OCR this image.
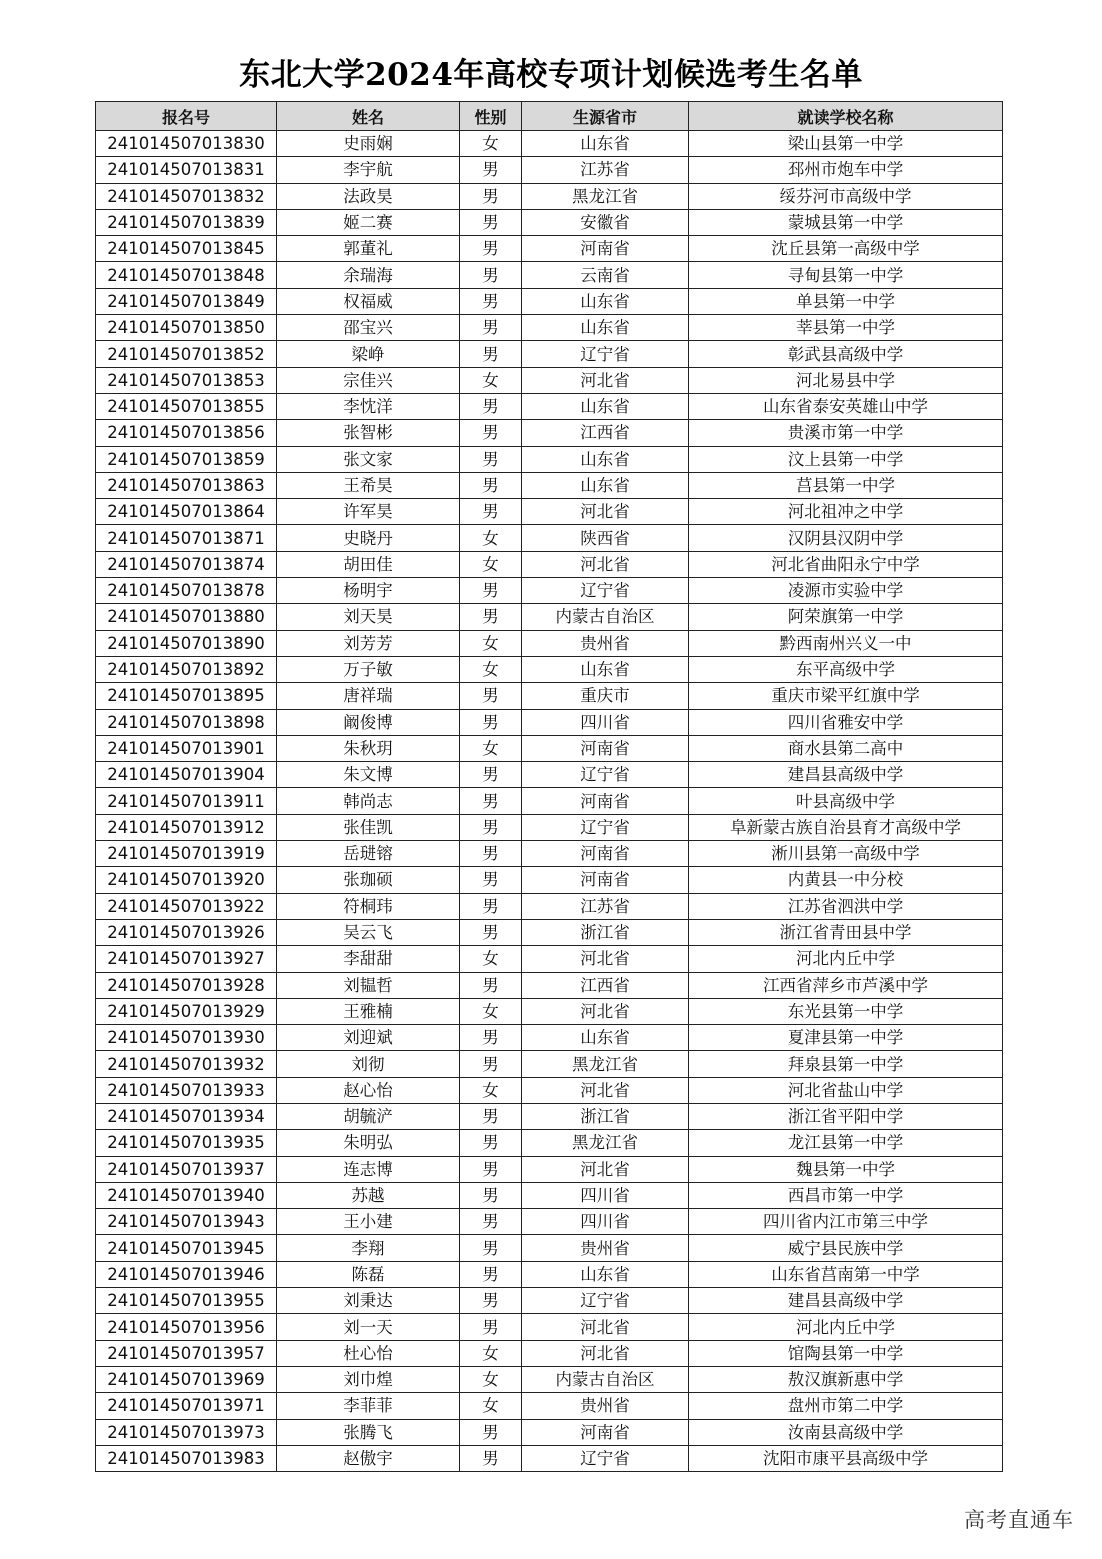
东北大学2024年高校专项计划候选考生名单
报名号	姓名	性别	生源省市	就读学校名称
241014507013830	史雨娴	女	山东省	梁山县第一中学
241014507013831	李宇航	男	江苏省	邳州市炮车中学
241014507013832	法政昊	男	黑龙江省	绥芬河市高级中学
241014507013839	姬二赛	男	安徽省	蒙城县第一中学
241014507013845	郭董礼	男	河南省	沈丘县第一高级中学
241014507013848	余瑞海	男	云南省	寻甸县第一中学
241014507013849	权福威	男	山东省	单县第一中学
241014507013850	邵宝兴	男	山东省	莘县第一中学
241014507013852	梁峥	男	辽宁省	彰武县高级中学
241014507013853	宗佳兴	女	河北省	河北易县中学
241014507013855	李忱洋	男	山东省	山东省泰安英雄山中学
241014507013856	张智彬	男	江西省	贵溪市第一中学
241014507013859	张文家	男	山东省	汶上县第一中学
241014507013863	王希昊	男	山东省	莒县第一中学
241014507013864	许军昊	男	河北省	河北祖冲之中学
241014507013871	史晓丹	女	陕西省	汉阴县汉阴中学
241014507013874	胡田佳	女	河北省	河北省曲阳永宁中学
241014507013878	杨明宇	男	辽宁省	凌源市实验中学
241014507013880	刘天昊	男	内蒙古自治区	阿荣旗第一中学
241014507013890	刘芳芳	女	贵州省	黔西南州兴义一中
241014507013892	万子敏	女	山东省	东平高级中学
241014507013895	唐祥瑞	男	重庆市	重庆市梁平红旗中学
241014507013898	阚俊博	男	四川省	四川省雅安中学
241014507013901	朱秋玥	女	河南省	商水县第二高中
241014507013904	朱文博	男	辽宁省	建昌县高级中学
241014507013911	韩尚志	男	河南省	叶县高级中学
241014507013912	张佳凯	男	辽宁省	阜新蒙古族自治县育才高级中学
241014507013919	岳琎镕	男	河南省	淅川县第一高级中学
241014507013920	张珈硕	男	河南省	内黄县一中分校
241014507013922	符桐玮	男	江苏省	江苏省泗洪中学
241014507013926	吴云飞	男	浙江省	浙江省青田县中学
241014507013927	李甜甜	女	河北省	河北内丘中学
241014507013928	刘韫哲	男	江西省	江西省萍乡市芦溪中学
241014507013929	王雅楠	女	河北省	东光县第一中学
241014507013930	刘迎斌	男	山东省	夏津县第一中学
241014507013932	刘彻	男	黑龙江省	拜泉县第一中学
241014507013933	赵心怡	女	河北省	河北省盐山中学
241014507013934	胡毓浐	男	浙江省	浙江省平阳中学
241014507013935	朱明弘	男	黑龙江省	龙江县第一中学
241014507013937	连志博	男	河北省	魏县第一中学
241014507013940	苏越	男	四川省	西昌市第一中学
241014507013943	王小建	男	四川省	四川省内江市第三中学
241014507013945	李翔	男	贵州省	威宁县民族中学
241014507013946	陈磊	男	山东省	山东省莒南第一中学
241014507013955	刘秉达	男	辽宁省	建昌县高级中学
241014507013956	刘一天	男	河北省	河北内丘中学
241014507013957	杜心怡	女	河北省	馆陶县第一中学
241014507013969	刘巾煌	女	内蒙古自治区	敖汉旗新惠中学
241014507013971	李菲菲	女	贵州省	盘州市第二中学
241014507013973	张腾飞	男	河南省	汝南县高级中学
241014507013983	赵傲宇	男	辽宁省	沈阳市康平县高级中学
高考直通车
